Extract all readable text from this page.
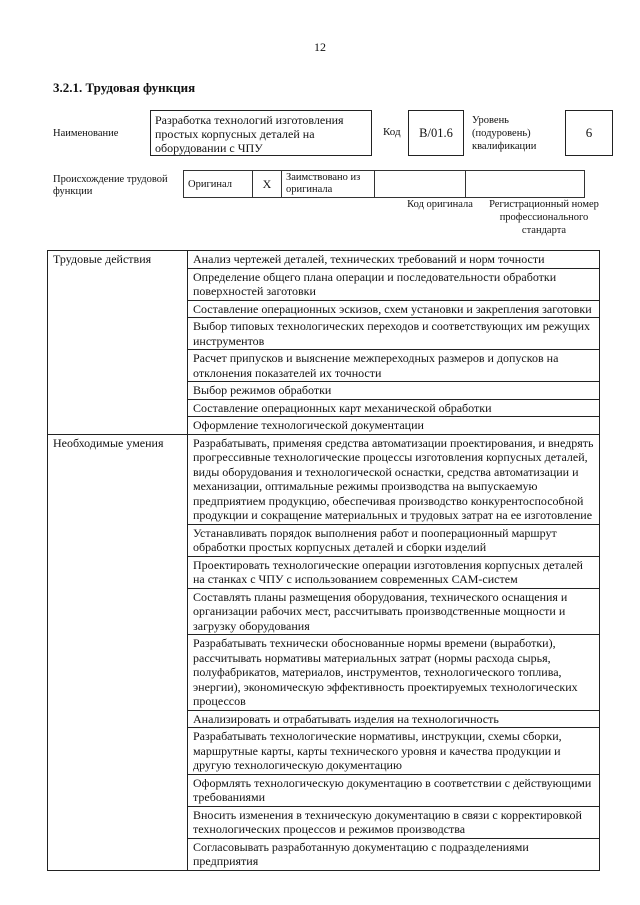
12
3.2.1. Трудовая функция
Наименование
Разработка технологий изготовления простых корпусных деталей на оборудовании с ЧПУ
Код	B/01.6
Уровень (подуровень) квалификации
6
Происхождение трудовой функции
Оригинал	X	Заимствовано из оригинала		
Код оригинала	Регистрационный номер профессионального стандарта
Трудовые действия	Анализ чертежей деталей, технических требований и норм точности
	Определение общего плана операции и последовательности обработки поверхностей заготовки
	Составление операционных эскизов, схем установки и закрепления заготовки
	Выбор типовых технологических переходов и соответствующих им режущих инструментов
	Расчет припусков и выяснение межпереходных размеров и допусков на отклонения показателей их точности
	Выбор режимов обработки
	Составление операционных карт механической обработки
	Оформление технологической документации
Необходимые умения	Разрабатывать, применяя средства автоматизации проектирования, и внедрять прогрессивные технологические процессы изготовления корпусных деталей, виды оборудования и технологической оснастки, средства автоматизации и механизации, оптимальные режимы производства на выпускаемую предприятием продукцию, обеспечивая производство конкурентоспособной продукции и сокращение материальных и трудовых затрат на ее изготовление
	Устанавливать порядок выполнения работ и пооперационный маршрут обработки простых корпусных деталей и сборки изделий
	Проектировать технологические операции изготовления корпусных деталей на станках с ЧПУ с использованием современных САМ-систем
	Составлять планы размещения оборудования, технического оснащения и организации рабочих мест, рассчитывать производственные мощности и загрузку оборудования
	Разрабатывать технически обоснованные нормы времени (выработки), рассчитывать нормативы материальных затрат (нормы расхода сырья, полуфабрикатов, материалов, инструментов, технологического топлива, энергии), экономическую эффективность проектируемых технологических процессов
	Анализировать и отрабатывать изделия на технологичность
	Разрабатывать технологические нормативы, инструкции, схемы сборки, маршрутные карты, карты технического уровня и качества продукции и другую технологическую документацию
	Оформлять технологическую документацию в соответствии с действующими требованиями
	Вносить изменения в техническую документацию в связи с корректировкой технологических процессов и режимов производства
	Согласовывать разработанную документацию с подразделениями предприятия
